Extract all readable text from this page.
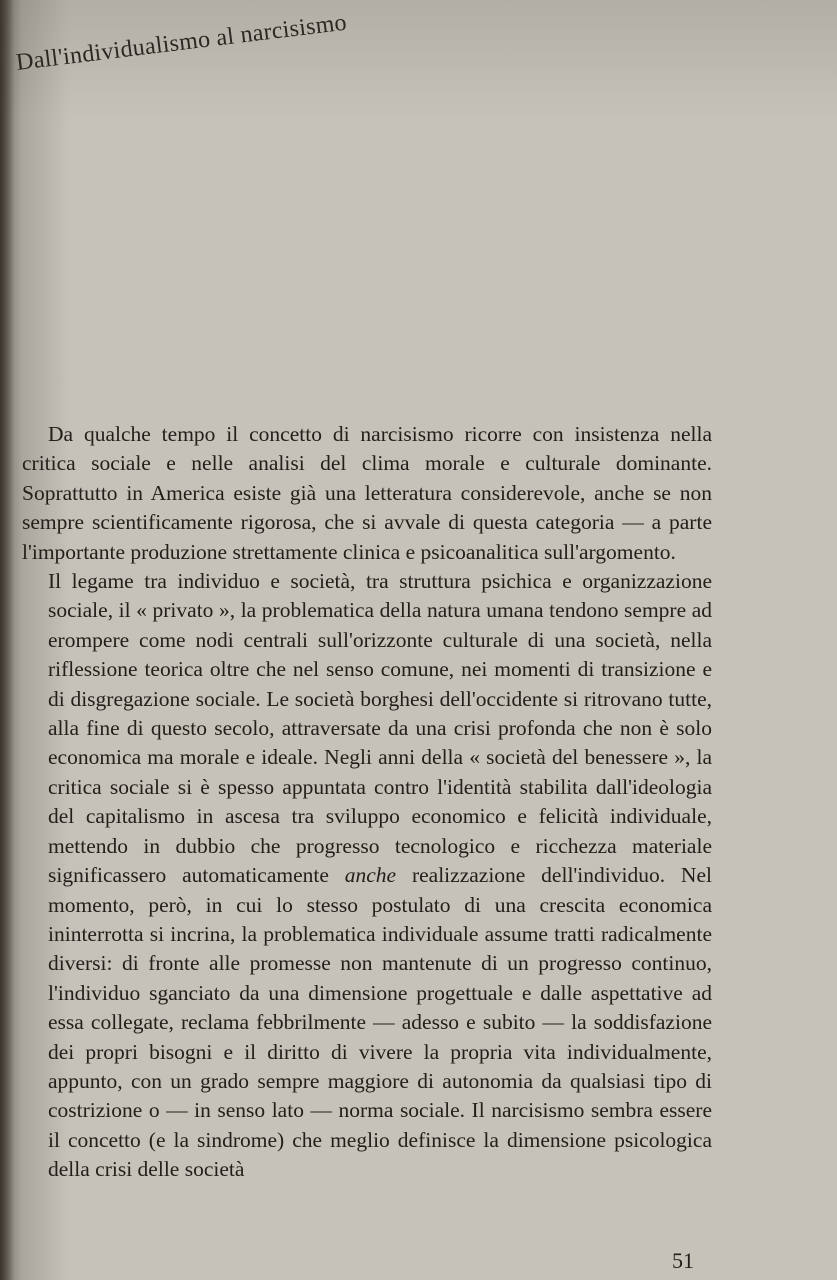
Dall'individualismo al narcisismo

Da qualche tempo il concetto di narcisismo ricorre con insistenza nella critica sociale e nelle analisi del clima morale e culturale dominante. Soprattutto in America esiste già una letteratura considerevole, anche se non sempre scientificamente rigorosa, che si avvale di questa categoria — a parte l'importante produzione strettamente clinica e psicoanalitica sull'argomento.

Il legame tra individuo e società, tra struttura psichica e organizzazione sociale, il « privato », la problematica della natura umana tendono sempre ad erompere come nodi centrali sull'orizzonte culturale di una società, nella riflessione teorica oltre che nel senso comune, nei momenti di transizione e di disgregazione sociale. Le società borghesi dell'occidente si ritrovano tutte, alla fine di questo secolo, attraversate da una crisi profonda che non è solo economica ma morale e ideale. Negli anni della « società del benessere », la critica sociale si è spesso appuntata contro l'identità stabilita dall'ideologia del capitalismo in ascesa tra sviluppo economico e felicità individuale, mettendo in dubbio che progresso tecnologico e ricchezza materiale significassero automaticamente anche realizzazione dell'individuo. Nel momento, però, in cui lo stesso postulato di una crescita economica ininterrotta si incrina, la problematica individuale assume tratti radicalmente diversi: di fronte alle promesse non mantenute di un progresso continuo, l'individuo sganciato da una dimensione progettuale e dalle aspettative ad essa collegate, reclama febbrilmente — adesso e subito — la soddisfazione dei propri bisogni e il diritto di vivere la propria vita individualmente, appunto, con un grado sempre maggiore di autonomia da qualsiasi tipo di costrizione o — in senso lato — norma sociale. Il narcisismo sembra essere il concetto (e la sindrome) che meglio definisce la dimensione psicologica della crisi delle società

51
